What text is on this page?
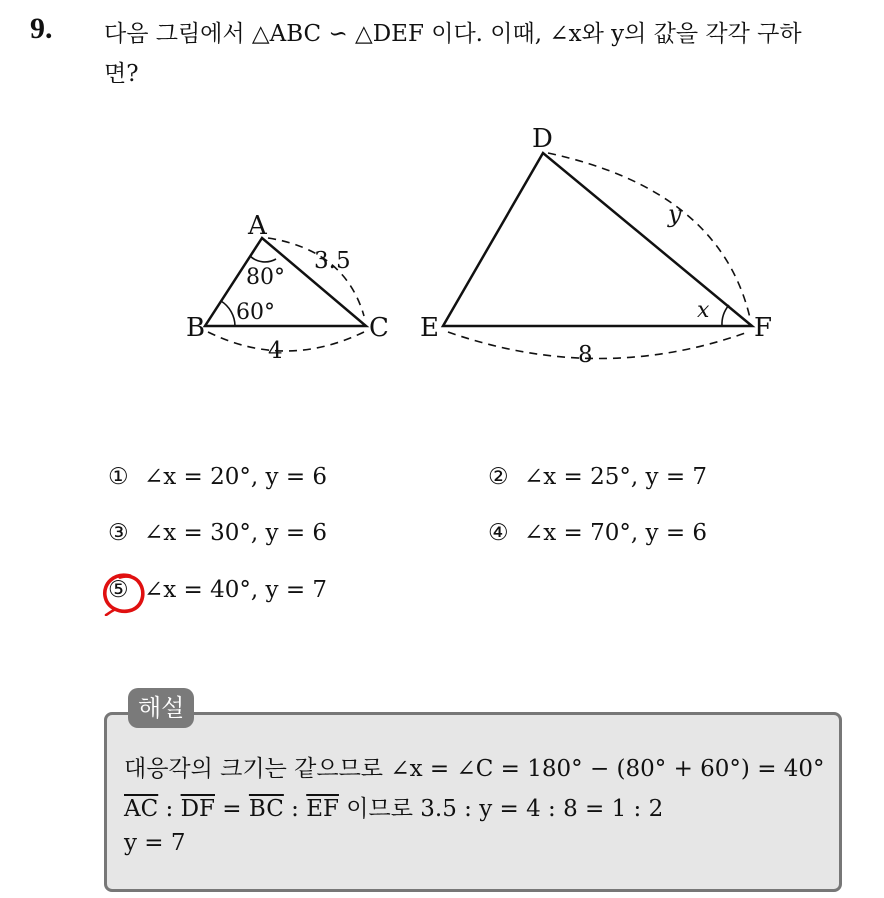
9. 다음 그림에서 △ABC ∽ △DEF 이다. 이때, ∠x와 y의 값을 각각 구하
면?
A
B	C
80°
60°
3.5
4
D
E	F
x
y
8
① ∠x = 20°, y = 6	② ∠x = 25°, y = 7
③ ∠x = 30°, y = 6	④ ∠x = 70°, y = 6
⑤ ∠x = 40°, y = 7
해설
대응각의 크기는 같으므로 ∠x = ∠C = 180° − (80° + 60°) = 40°
$\overline{AC}$ : $\overline{DF} = \overline{BC}$ : $\overline{EF}$ 이므로 3.5 : y = 4 : 8 = 1 : 2
y = 7
